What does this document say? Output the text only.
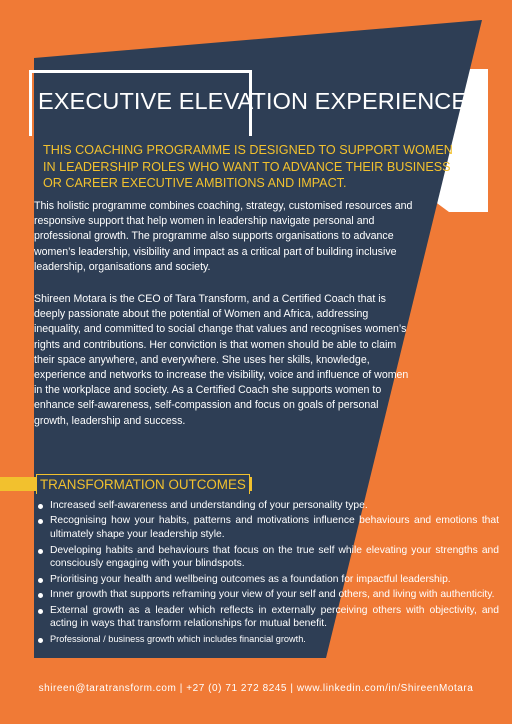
EXECUTIVE ELEVATION EXPERIENCE
THIS COACHING PROGRAMME IS DESIGNED TO SUPPORT WOMEN IN LEADERSHIP ROLES WHO WANT TO ADVANCE THEIR BUSINESS OR CAREER EXECUTIVE AMBITIONS AND IMPACT.
This holistic programme combines coaching, strategy, customised resources and responsive support that help women in leadership navigate personal and professional growth. The programme also supports organisations to advance women’s leadership, visibility and impact as a critical part of building inclusive leadership, organisations and society.
Shireen Motara is the CEO of Tara Transform, and a Certified Coach that is deeply passionate about the potential of Women and Africa, addressing inequality, and committed to social change that values and recognises women’s rights and contributions. Her conviction is that women should be able to claim their space anywhere, and everywhere. She uses her skills, knowledge, experience and networks to increase the visibility, voice and influence of women in the workplace and society. As a Certified Coach she supports women to enhance self-awareness, self-compassion and focus on goals of personal growth, leadership and success.
TRANSFORMATION OUTCOMES
Increased self-awareness and understanding of your personality type.
Recognising how your habits, patterns and motivations influence behaviours and emotions that ultimately shape your leadership style.
Developing habits and behaviours that focus on the true self while elevating your strengths and consciously engaging with your blindspots.
Prioritising your health and wellbeing outcomes as a foundation for impactful leadership.
Inner growth that supports reframing your view of your self and others, and living with authenticity.
External growth as a leader which reflects in externally perceiving others with objectivity, and acting in ways that transform relationships for mutual benefit.
Professional / business growth which includes financial growth.
shireen@taratransform.com | +27 (0) 71 272 8245 | www.linkedin.com/in/ShireenMotara
